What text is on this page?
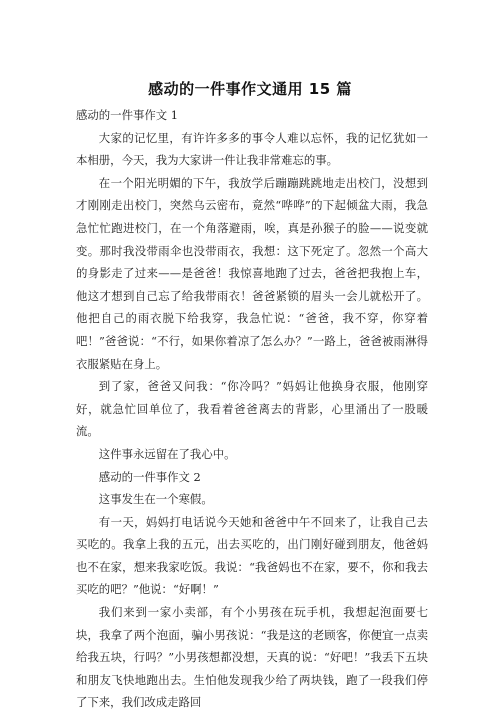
感动的一件事作文通用 15 篇

感动的一件事作文 1

大家的记忆里，有许许多多的事令人难以忘怀，我的记忆犹如一本相册，今天，我为大家讲一件让我非常难忘的事。

在一个阳光明媚的下午，我放学后蹦蹦跳跳地走出校门，没想到才刚刚走出校门，突然乌云密布，竟然“哗哗”的下起倾盆大雨，我急急忙忙跑进校门，在一个角落避雨，唉，真是孙猴子的脸——说变就变。那时我没带雨伞也没带雨衣，我想：这下死定了。忽然一个高大的身影走了过来——是爸爸！我惊喜地跑了过去，爸爸把我抱上车，他这才想到自己忘了给我带雨衣！爸爸紧锁的眉头一会儿就松开了。他把自己的雨衣脱下给我穿，我急忙说：“爸爸，我不穿，你穿着吧！”爸爸说：“不行，如果你着凉了怎么办？”一路上，爸爸被雨淋得衣服紧贴在身上。

到了家，爸爸又问我：“你冷吗？”妈妈让他换身衣服，他刚穿好，就急忙回单位了，我看着爸爸离去的背影，心里涌出了一股暖流。

这件事永远留在了我心中。

感动的一件事作文 2

这事发生在一个寒假。

有一天，妈妈打电话说今天她和爸爸中午不回来了，让我自己去买吃的。我拿上我的五元，出去买吃的，出门刚好碰到朋友，他爸妈也不在家，想来我家吃饭。我说：“我爸妈也不在家，要不，你和我去买吃的吧？”他说：“好啊！”

我们来到一家小卖部，有个小男孩在玩手机，我想起泡面要七块，我拿了两个泡面，骗小男孩说：“我是这的老顾客，你便宜一点卖给我五块，行吗？”小男孩想都没想，天真的说：“好吧！”我丢下五块和朋友飞快地跑出去。生怕他发现我少给了两块钱，跑了一段我们停了下来，我们改成走路回
